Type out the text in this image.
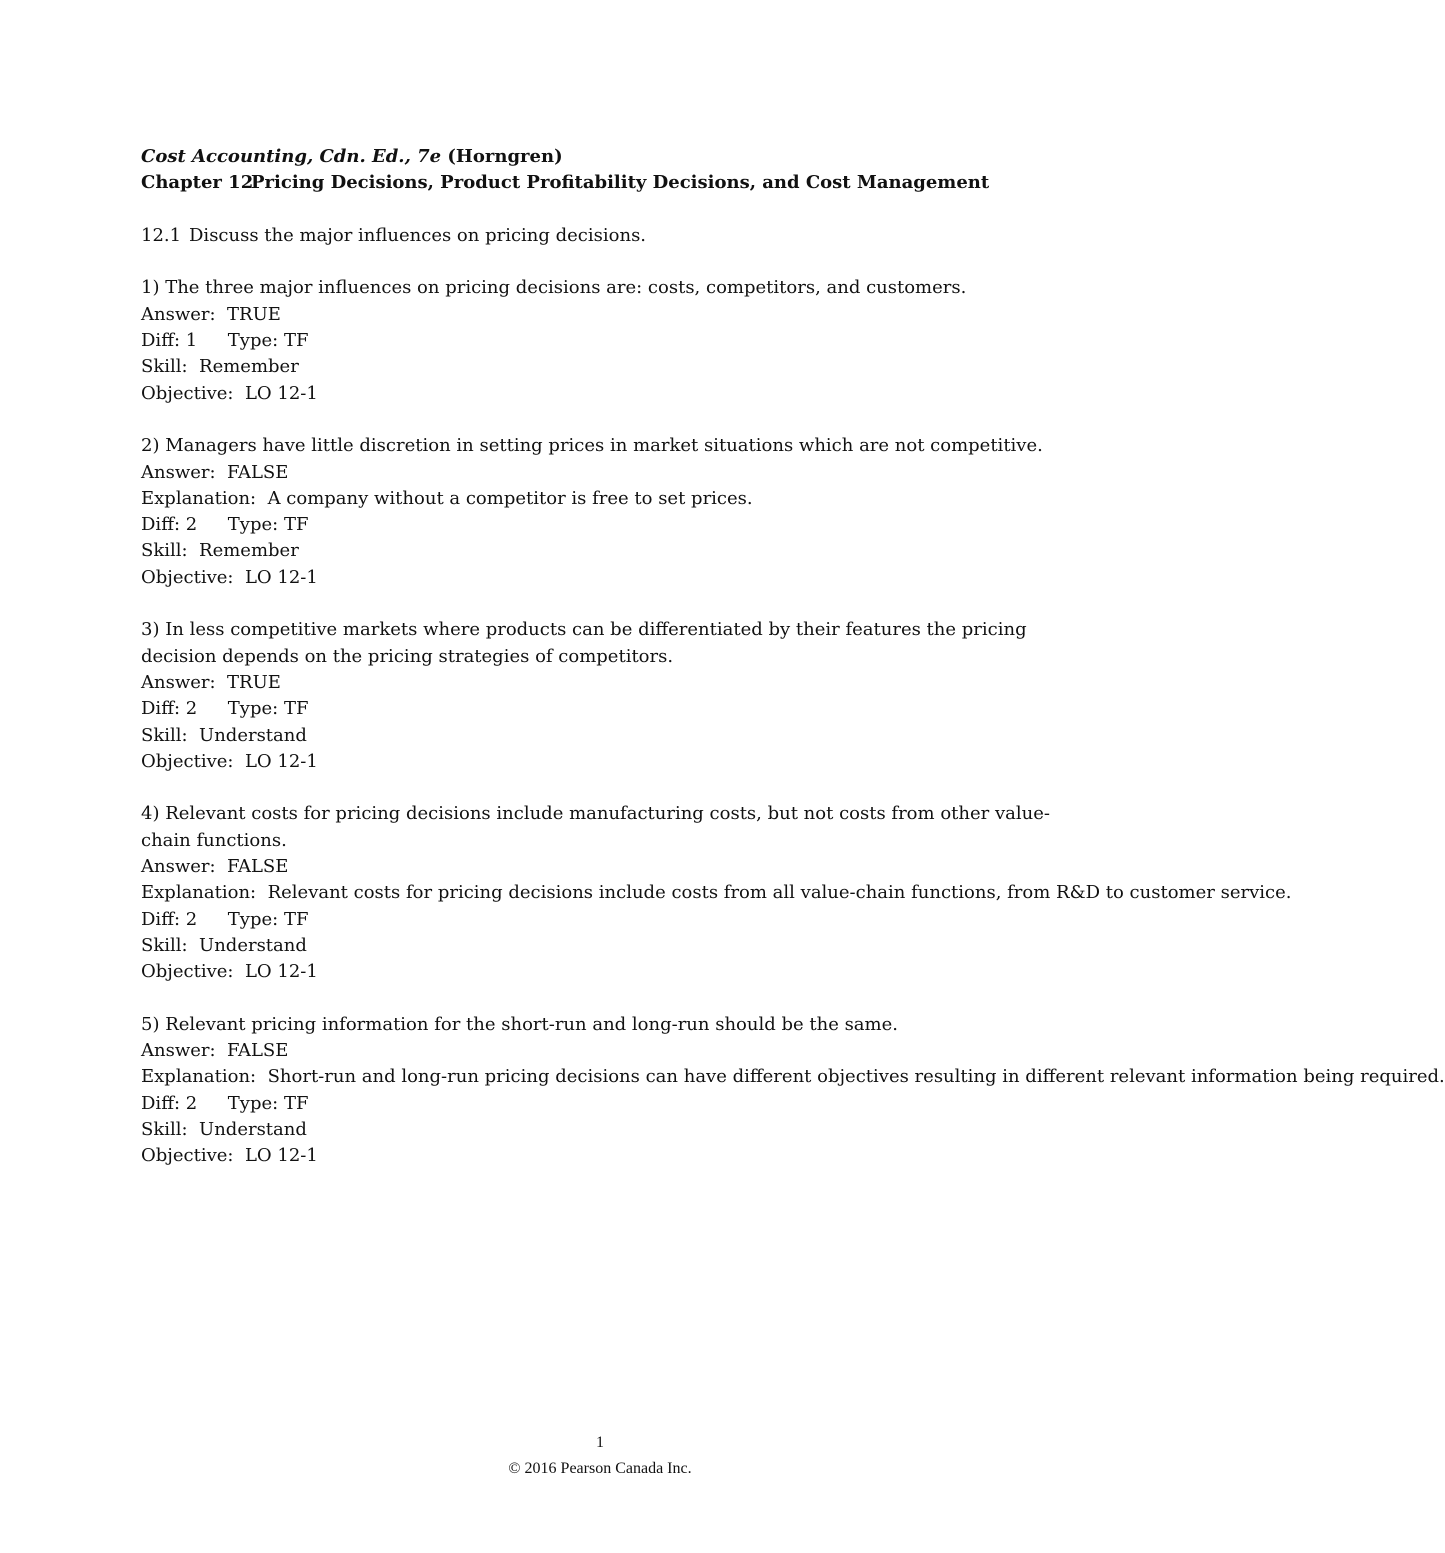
Cost Accounting, Cdn. Ed., 7e (Horngren)
Chapter 12Pricing Decisions, Product Profitability Decisions, and Cost Management
12.1 Discuss the major influences on pricing decisions.
1) The three major influences on pricing decisions are: costs, competitors, and customers.
Answer: TRUE
Diff: 1 Type: TF
Skill: Remember
Objective: LO 12-1
2) Managers have little discretion in setting prices in market situations which are not competitive.
Answer: FALSE
Explanation: A company without a competitor is free to set prices.
Diff: 2 Type: TF
Skill: Remember
Objective: LO 12-1
3) In less competitive markets where products can be differentiated by their features the pricing decision depends on the pricing strategies of competitors.
Answer: TRUE
Diff: 2 Type: TF
Skill: Understand
Objective: LO 12-1
4) Relevant costs for pricing decisions include manufacturing costs, but not costs from other value-chain functions.
Answer: FALSE
Explanation: Relevant costs for pricing decisions include costs from all value-chain functions, from R&D to customer service.
Diff: 2 Type: TF
Skill: Understand
Objective: LO 12-1
5) Relevant pricing information for the short-run and long-run should be the same.
Answer: FALSE
Explanation: Short-run and long-run pricing decisions can have different objectives resulting in different relevant information being required.
Diff: 2 Type: TF
Skill: Understand
Objective: LO 12-1
1
© 2016 Pearson Canada Inc.
